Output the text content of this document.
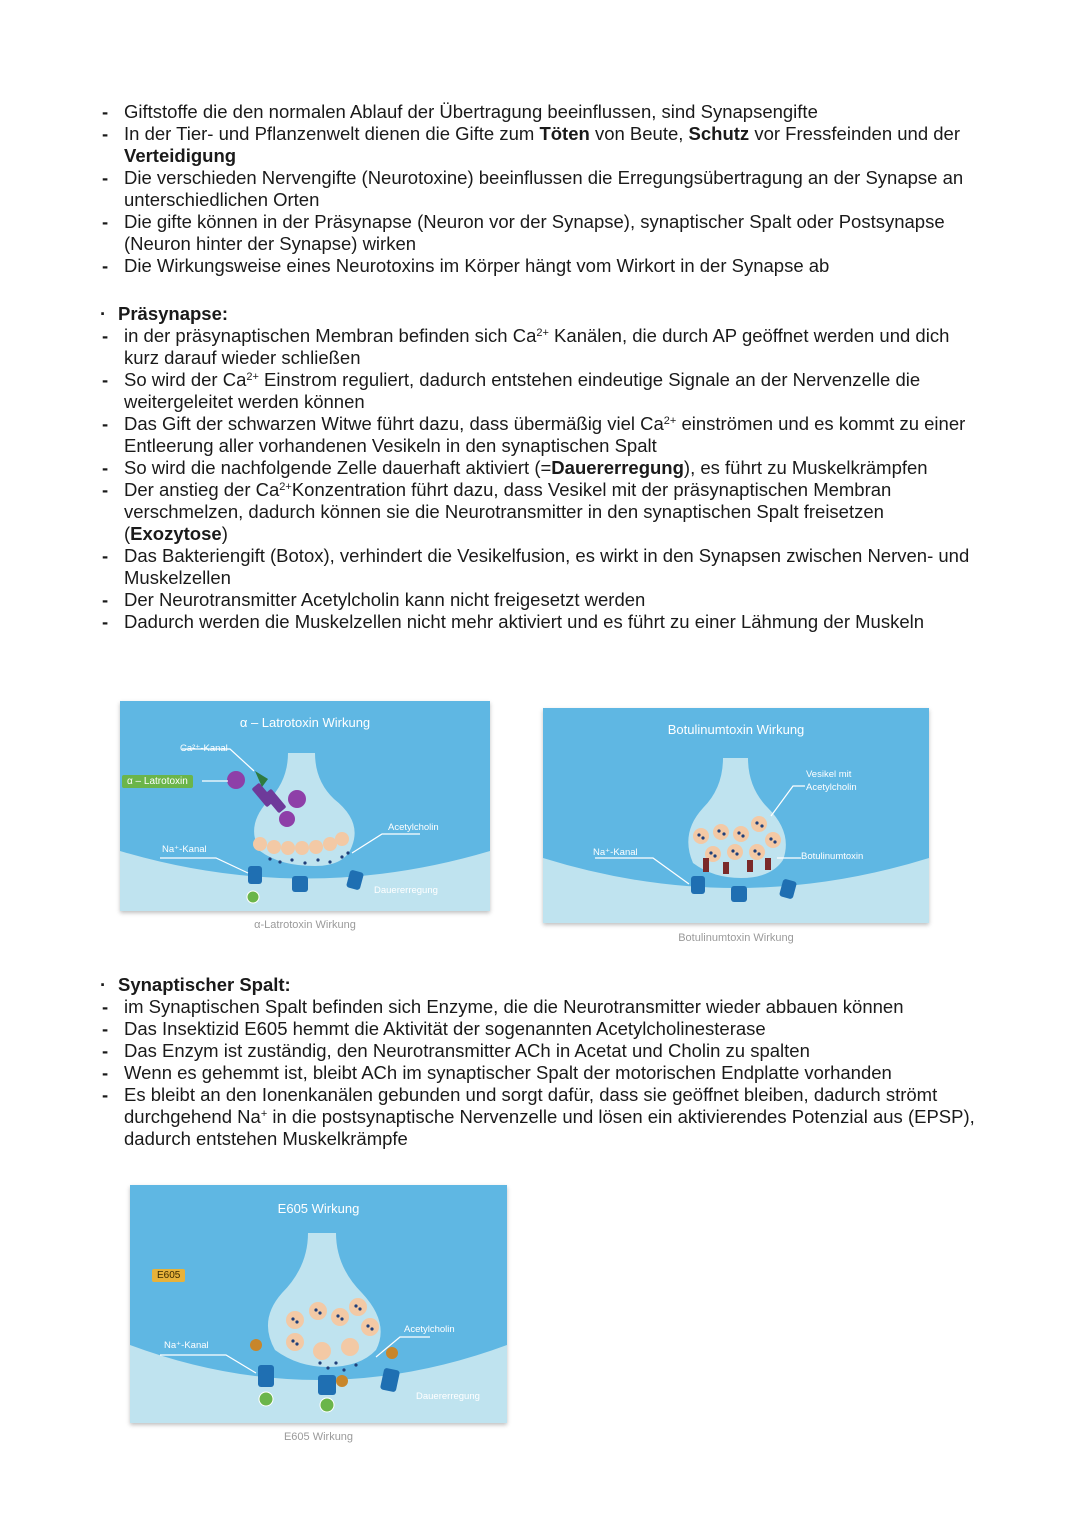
- Giftstoffe die den normalen Ablauf der Übertragung beeinflussen, sind Synapsengifte
- In der Tier- und Pflanzenwelt dienen die Gifte zum Töten von Beute, Schutz vor Fressfeinden und der Verteidigung
- Die verschieden Nervengifte (Neurotoxine) beeinflussen die Erregungsübertragung an der Synapse an unterschiedlichen Orten
- Die gifte können in der Präsynapse (Neuron vor der Synapse), synaptischer Spalt oder Postsynapse (Neuron hinter der Synapse) wirken
- Die Wirkungsweise eines Neurotoxins im Körper hängt vom Wirkort in der Synapse ab
· Präsynapse:
- in der präsynaptischen Membran befinden sich $Ca^{2+}$ Kanälen, die durch AP geöffnet werden und dich kurz darauf wieder schließen
- So wird der $Ca^{2+}$ Einstrom reguliert, dadurch entstehen eindeutige Signale an der Nervenzelle die weitergeleitet werden können
- Das Gift der schwarzen Witwe führt dazu, dass übermäßig viel $Ca^{2+}$ einströmen und es kommt zu einer Entleerung aller vorhandenen Vesikeln in den synaptischen Spalt
- So wird die nachfolgende Zelle dauerhaft aktiviert (=Dauererregung), es führt zu Muskelkrämpfen
- Der anstieg der $Ca^{2+}Konzentration$ führt dazu, dass Vesikel mit der präsynaptischen Membran verschmelzen, dadurch können sie die Neurotransmitter in den synaptischen Spalt freisetzen (Exozytose)
- Das Bakteriengift (Botox), verhindert die Vesikelfusion, es wirkt in den Synapsen zwischen Nerven- und Muskelzellen
- Der Neurotransmitter Acetylcholin kann nicht freigesetzt werden
- Dadurch werden die Muskelzellen nicht mehr aktiviert und es führt zu einer Lähmung der Muskeln
α – Latrotoxin Wirkung
Ca²⁺-Kanal
α – Latrotoxin
Acetylcholin
Na⁺-Kanal
Dauererregung
α-Latrotoxin Wirkung
Botulinumtoxin Wirkung
Vesikel mit
Acetylcholin
Na⁺-Kanal	Botulinumtoxin
Botulinumtoxin Wirkung
· Synaptischer Spalt:
- im Synaptischen Spalt befinden sich Enzyme, die die Neurotransmitter wieder abbauen können
- Das Insektizid E605 hemmt die Aktivität der sogenannten Acetylcholinesterase
- Das Enzym ist zuständig, den Neurotransmitter ACh in Acetat und Cholin zu spalten
- Wenn es gehemmt ist, bleibt ACh im synaptischer Spalt der motorischen Endplatte vorhanden
- Es bleibt an den Ionenkanälen gebunden und sorgt dafür, dass sie geöffnet bleiben, dadurch strömt durchgehend Na+ in die postsynaptische Nervenzelle und lösen ein aktivierendes Potenzial aus (EPSP), dadurch entstehen Muskelkrämpfe
E605 Wirkung
E605
Na⁺-Kanal
Acetylcholin
Dauererregung
E605 Wirkung
